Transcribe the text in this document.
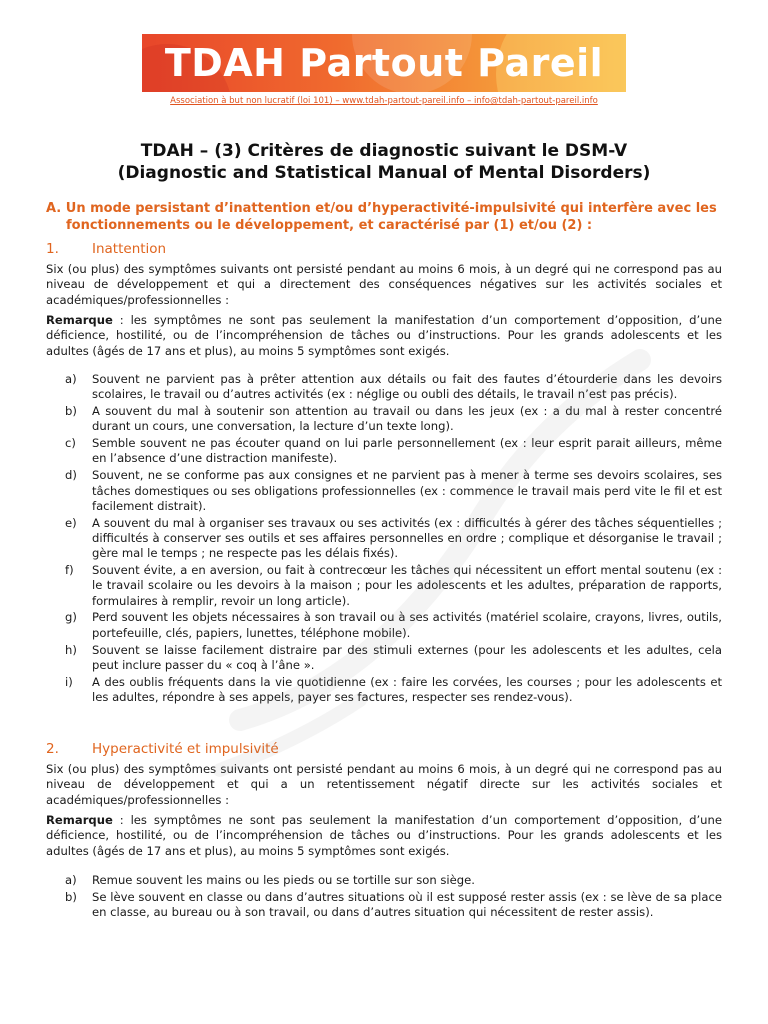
TDAH Partout Pareil
Association à but non lucratif (loi 101) – www.tdah-partout-pareil.info – info@tdah-partout-pareil.info
TDAH – (3) Critères de diagnostic suivant le DSM-V
(Diagnostic and Statistical Manual of Mental Disorders)
A. Un mode persistant d’inattention et/ou d’hyperactivité-impulsivité qui interfère avec les fonctionnements ou le développement, et caractérisé par (1) et/ou (2) :
1. Inattention
Six (ou plus) des symptômes suivants ont persisté pendant au moins 6 mois, à un degré qui ne correspond pas au niveau de développement et qui a directement des conséquences négatives sur les activités sociales et académiques/professionnelles :
Remarque : les symptômes ne sont pas seulement la manifestation d’un comportement d’opposition, d’une déficience, hostilité, ou de l’incompréhension de tâches ou d’instructions. Pour les grands adolescents et les adultes (âgés de 17 ans et plus), au moins 5 symptômes sont exigés.
a) Souvent ne parvient pas à prêter attention aux détails ou fait des fautes d’étourderie dans les devoirs scolaires, le travail ou d’autres activités (ex : néglige ou oubli des détails, le travail n’est pas précis).
b) A souvent du mal à soutenir son attention au travail ou dans les jeux (ex : a du mal à rester concentré durant un cours, une conversation, la lecture d’un texte long).
c) Semble souvent ne pas écouter quand on lui parle personnellement (ex : leur esprit parait ailleurs, même en l’absence d’une distraction manifeste).
d) Souvent, ne se conforme pas aux consignes et ne parvient pas à mener à terme ses devoirs scolaires, ses tâches domestiques ou ses obligations professionnelles (ex : commence le travail mais perd vite le fil et est facilement distrait).
e) A souvent du mal à organiser ses travaux ou ses activités (ex : difficultés à gérer des tâches séquentielles ; difficultés à conserver ses outils et ses affaires personnelles en ordre ; complique et désorganise le travail ; gère mal le temps ; ne respecte pas les délais fixés).
f) Souvent évite, a en aversion, ou fait à contrecœur les tâches qui nécessitent un effort mental soutenu (ex : le travail scolaire ou les devoirs à la maison ; pour les adolescents et les adultes, préparation de rapports, formulaires à remplir, revoir un long article).
g) Perd souvent les objets nécessaires à son travail ou à ses activités (matériel scolaire, crayons, livres, outils, portefeuille, clés, papiers, lunettes, téléphone mobile).
h) Souvent se laisse facilement distraire par des stimuli externes (pour les adolescents et les adultes, cela peut inclure passer du « coq à l’âne ».
i) A des oublis fréquents dans la vie quotidienne (ex : faire les corvées, les courses ; pour les adolescents et les adultes, répondre à ses appels, payer ses factures, respecter ses rendez-vous).
2. Hyperactivité et impulsivité
Six (ou plus) des symptômes suivants ont persisté pendant au moins 6 mois, à un degré qui ne correspond pas au niveau de développement et qui a un retentissement négatif directe sur les activités sociales et académiques/professionnelles :
Remarque : les symptômes ne sont pas seulement la manifestation d’un comportement d’opposition, d’une déficience, hostilité, ou de l’incompréhension de tâches ou d’instructions. Pour les grands adolescents et les adultes (âgés de 17 ans et plus), au moins 5 symptômes sont exigés.
a) Remue souvent les mains ou les pieds ou se tortille sur son siège.
b) Se lève souvent en classe ou dans d’autres situations où il est supposé rester assis (ex : se lève de sa place en classe, au bureau ou à son travail, ou dans d’autres situation qui nécessitent de rester assis).
